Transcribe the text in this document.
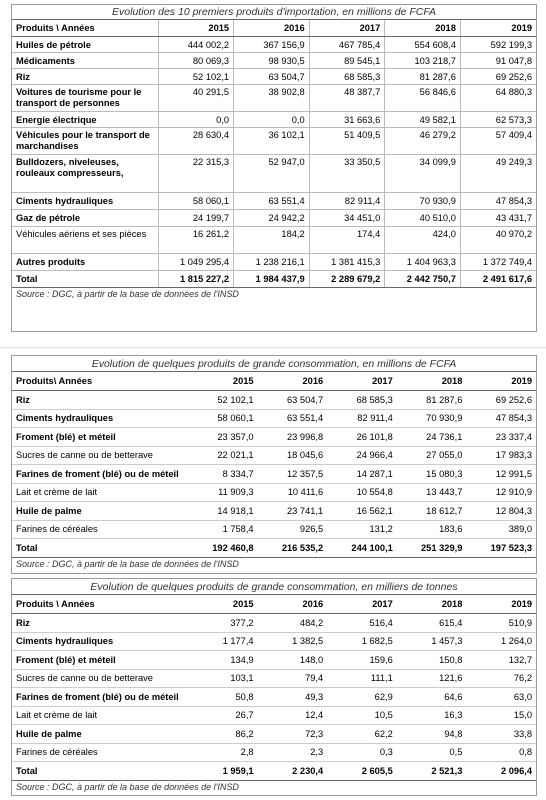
Evolution des 10 premiers produits d'importation, en millions de FCFA
Produits \ Années	2015	2016	2017	2018	2019
Huiles de pétrole	444 002,2	367 156,9	467 785,4	554 608,4	592 199,3
Médicaments	80 069,3	98 930,5	89 545,1	103 218,7	91 047,8
Riz	52 102,1	63 504,7	68 585,3	81 287,6	69 252,6
Voitures de tourisme pour le transport de personnes	40 291,5	38 902,8	48 387,7	56 846,6	64 880,3
Energie électrique	0,0	0,0	31 663,6	49 582,1	62 573,3
Véhicules pour le transport de marchandises	28 630,4	36 102,1	51 409,5	46 279,2	57 409,4
Bulldozers, niveleuses, rouleaux compresseurs,	22 315,3	52 947,0	33 350,5	34 099,9	49 249,3
Ciments hydrauliques	58 060,1	63 551,4	82 911,4	70 930,9	47 854,3
Gaz de pétrole	24 199,7	24 942,2	34 451,0	40 510,0	43 431,7
Véhicules aériens et ses pièces	16 261,2	184,2	174,4	424,0	40 970,2
Autres produits	1 049 295,4	1 238 216,1	1 381 415,3	1 404 963,3	1 372 749,4
Total	1 815 227,2	1 984 437,9	2 289 679,2	2 442 750,7	2 491 617,6
Source : DGC, à partir de la base de données de l'INSD
Evolution de quelques produits de grande consommation, en millions de FCFA
Produits\ Années	2015	2016	2017	2018	2019
Riz	52 102,1	63 504,7	68 585,3	81 287,6	69 252,6
Ciments hydrauliques	58 060,1	63 551,4	82 911,4	70 930,9	47 854,3
Froment (blé) et méteil	23 357,0	23 996,8	26 101,8	24 736,1	23 337,4
Sucres de canne ou de betterave	22 021,1	18 045,6	24 966,4	27 055,0	17 983,3
Farines de froment (blé) ou de méteil	8 334,7	12 357,5	14 287,1	15 080,3	12 991,5
Lait et crème de lait	11 909,3	10 411,6	10 554,8	13 443,7	12 910,9
Huile de palme	14 918,1	23 741,1	16 562,1	18 612,7	12 804,3
Farines de céréales	1 758,4	926,5	131,2	183,6	389,0
Total	192 460,8	216 535,2	244 100,1	251 329,9	197 523,3
Source : DGC, à partir de la base de données de l'INSD
Evolution de quelques produits de grande consommation, en milliers de tonnes
Produits \ Années	2015	2016	2017	2018	2019
Riz	377,2	484,2	516,4	615,4	510,9
Ciments hydrauliques	1 177,4	1 382,5	1 682,5	1 457,3	1 264,0
Froment (blé) et méteil	134,9	148,0	159,6	150,8	132,7
Sucres de canne ou de betterave	103,1	79,4	111,1	121,6	76,2
Farines de froment (blé) ou de méteil	50,8	49,3	62,9	64,6	63,0
Lait et crème de lait	26,7	12,4	10,5	16,3	15,0
Huile de palme	86,2	72,3	62,2	94,8	33,8
Farines de céréales	2,8	2,3	0,3	0,5	0,8
Total	1 959,1	2 230,4	2 605,5	2 521,3	2 096,4
Source : DGC, à partir de la base de données de l'INSD
